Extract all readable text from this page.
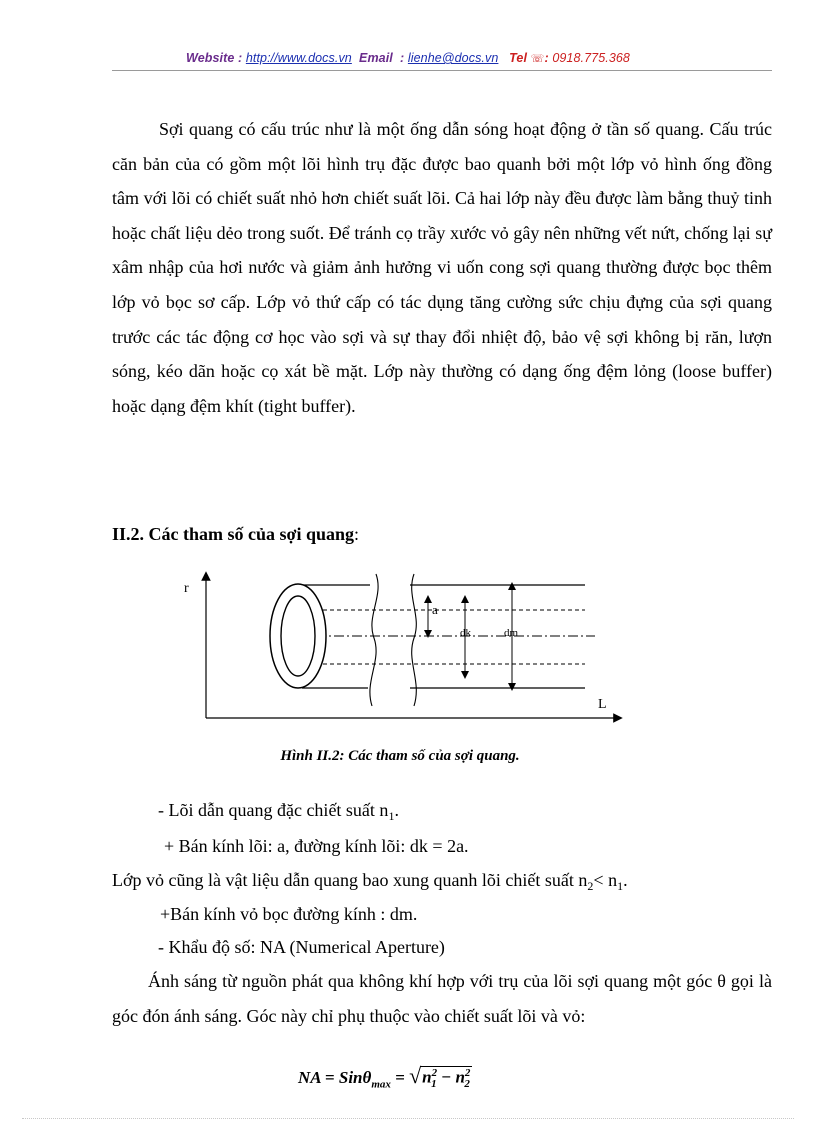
Website : http://www.docs.vn Email : lienhe@docs.vn Tel ☏: 0918.775.368

Sợi quang có cấu trúc như là một ống dẫn sóng hoạt động ở tần số quang. Cấu trúc căn bản của có gồm một lõi hình trụ đặc được bao quanh bởi một lớp vỏ hình ống đồng tâm với lõi có chiết suất nhỏ hơn chiết suất lõi. Cả hai lớp này đều được làm bằng thuỷ tinh hoặc chất liệu dẻo trong suốt. Để tránh cọ trầy xước vỏ gây nên những vết nứt, chống lại sự xâm nhập của hơi nước và giảm ảnh hưởng vi uốn cong sợi quang thường được bọc thêm lớp vỏ bọc sơ cấp. Lớp vỏ thứ cấp có tác dụng tăng cường sức chịu đựng của sợi quang trước các tác động cơ học vào sợi và sự thay đổi nhiệt độ, bảo vệ sợi không bị răn, lượn sóng, kéo dãn hoặc cọ xát bề mặt. Lớp này thường có dạng ống đệm lỏng (loose buffer) hoặc dạng đệm khít (tight buffer).

II.2. Các tham số của sợi quang:
r
L
a
dk	dm
Hình II.2: Các tham số của sợi quang.
- Lõi dẫn quang đặc chiết suất $n_1$.
+ Bán kính lõi: a, đường kính lõi: dk = 2a.
Lớp vỏ cũng là vật liệu dẫn quang bao xung quanh lõi chiết suất $n_2< n_1$.
+Bán kính vỏ bọc đường kính : dm.
- Khẩu độ số: NA (Numerical Aperture)

Ánh sáng từ nguồn phát qua không khí hợp với trụ của lõi sợi quang một góc θ gọi là góc đón ánh sáng. Góc này chỉ phụ thuộc vào chiết suất lõi và vỏ:

NA = $Sin\theta_{max} = √n^2_1 - n^2_2$
